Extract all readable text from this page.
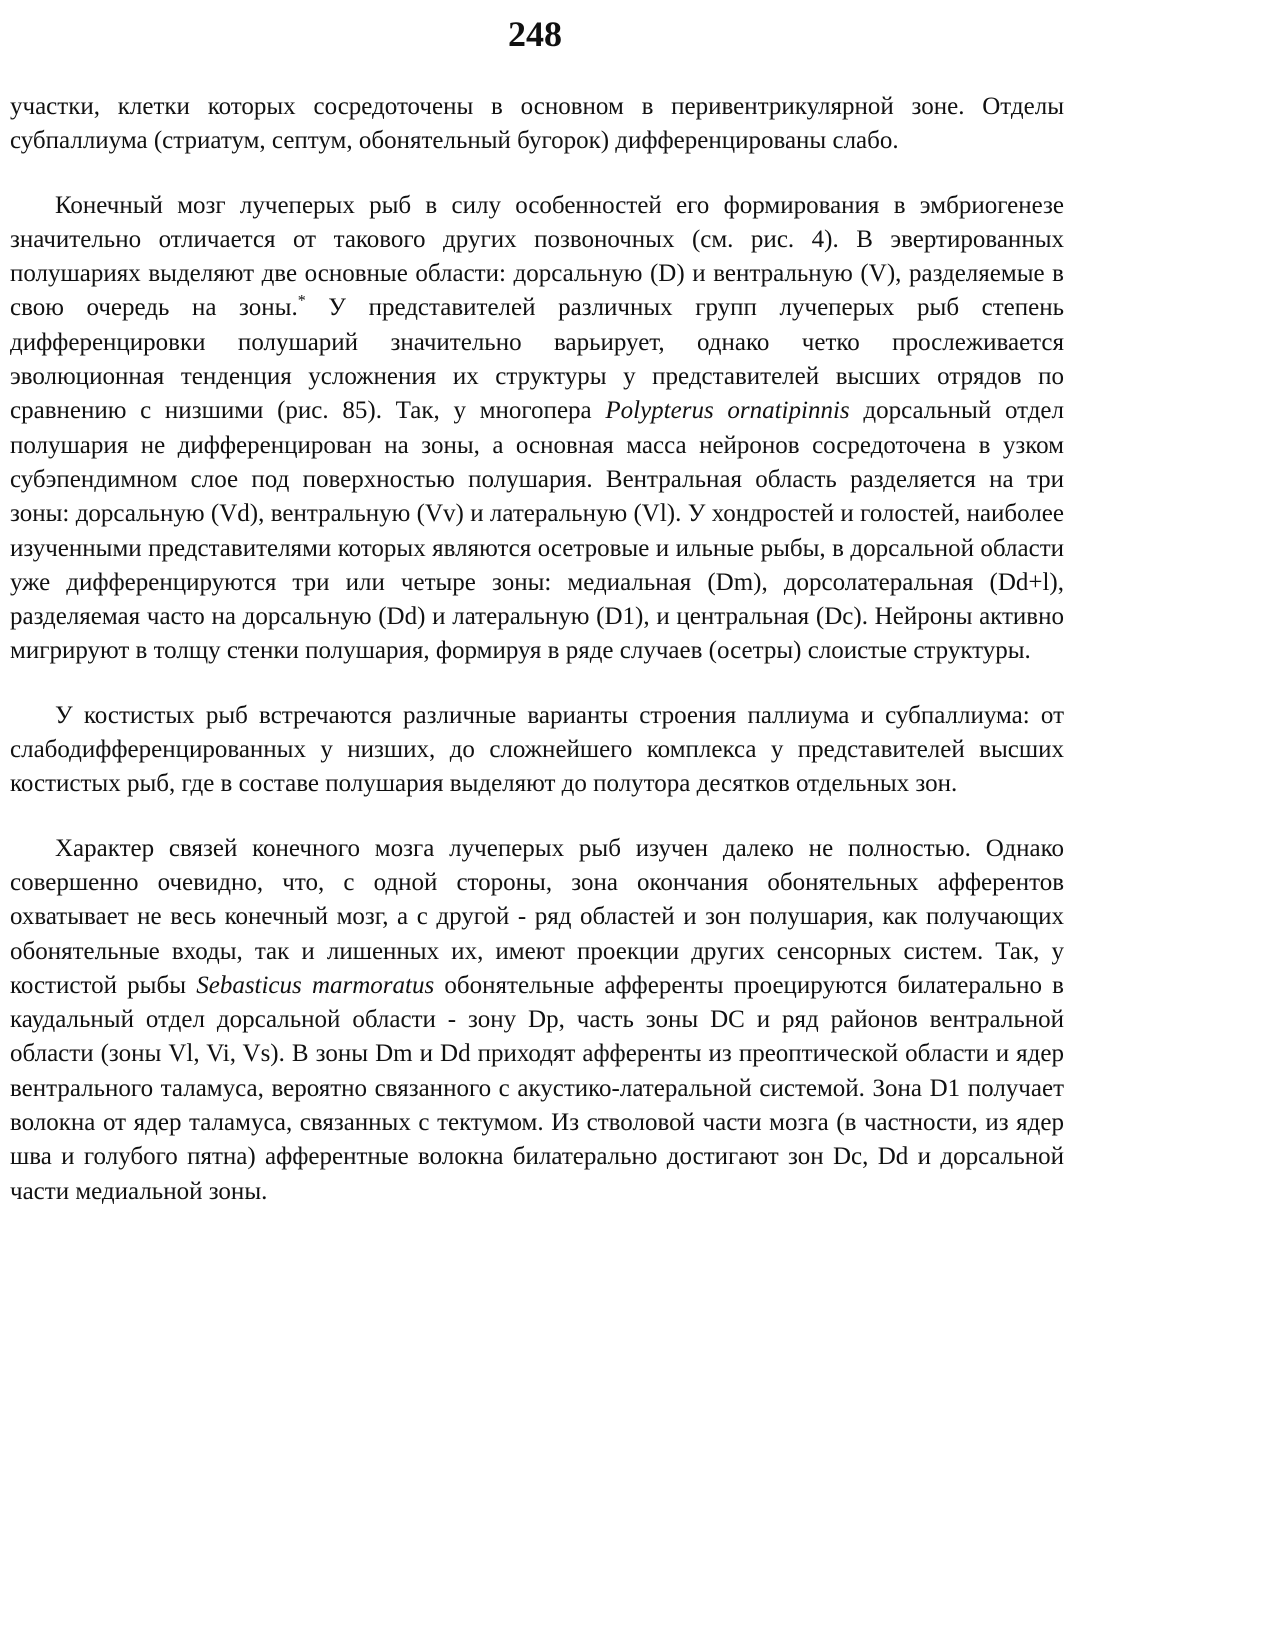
248

участки, клетки которых сосредоточены в основном в перивентрикулярной зоне. Отделы субпаллиума (стриатум, септум, обонятельный бугорок) дифференцированы слабо.

Конечный мозг лучеперых рыб в силу особенностей его формирования в эмбриогенезе значительно отличается от такового других позвоночных (см. рис. 4). В эвертированных полушариях выделяют две основные области: дорсальную (D) и вентральную (V), разделяемые в свою очередь на зоны.* У представителей различных групп лучеперых рыб степень дифференцировки полушарий значительно варьирует, однако четко прослеживается эволюционная тенденция усложнения их структуры у представителей высших отрядов по сравнению с низшими (рис. 85). Так, у многопера Polypterus ornatipinnis дорсальный отдел полушария не дифференцирован на зоны, а основная масса нейронов сосредоточена в узком субэпендимном слое под поверхностью полушария. Вентральная область разделяется на три зоны: дорсальную (Vd), вентральную (Vv) и латеральную (Vl). У хондростей и голостей, наиболее изученными представителями которых являются осетровые и ильные рыбы, в дорсальной области уже дифференцируются три или четыре зоны: медиальная (Dm), дорсолатеральная (Dd+l), разделяемая часто на дорсальную (Dd) и латеральную (D1), и центральная (Dc). Нейроны активно мигрируют в толщу стенки полушария, формируя в ряде случаев (осетры) слоистые структуры.

У костистых рыб встречаются различные варианты строения паллиума и субпаллиума: от слабодифференцированных у низших, до сложнейшего комплекса у представителей высших костистых рыб, где в составе полушария выделяют до полутора десятков отдельных зон.

Характер связей конечного мозга лучеперых рыб изучен далеко не полностью. Однако совершенно очевидно, что, с одной стороны, зона окончания обонятельных афферентов охватывает не весь конечный мозг, а с другой - ряд областей и зон полушария, как получающих обонятельные входы, так и лишенных их, имеют проекции других сенсорных систем. Так, у костистой рыбы Sebasticus marmoratus обонятельные афференты проецируются билатерально в каудальный отдел дорсальной области - зону Dp, часть зоны DC и ряд районов вентральной области (зоны Vl, Vi, Vs). В зоны Dm и Dd приходят афференты из преоптической области и ядер вентрального таламуса, вероятно связанного с акустико-латеральной системой. Зона D1 получает волокна от ядер таламуса, связанных с тектумом. Из стволовой части мозга (в частности, из ядер шва и голубого пятна) афферентные волокна билатерально достигают зон Dc, Dd и дорсальной части медиальной зоны.
